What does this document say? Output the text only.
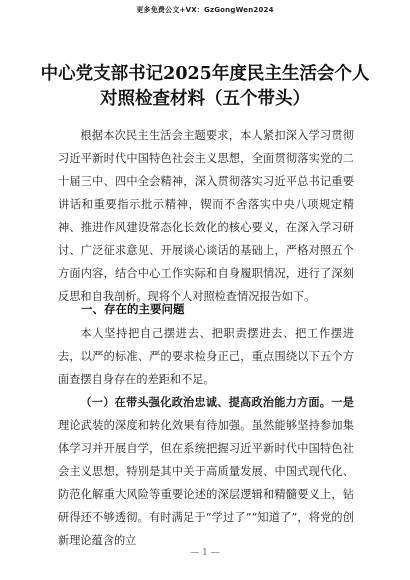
更多免费公文+VX：GzGongWen2024
中心党支部书记2025年度民主生活会个人对照检查材料（五个带头）
根据本次民主生活会主题要求，本人紧扣深入学习贯彻习近平新时代中国特色社会主义思想，全面贯彻落实党的二十届三中、四中全会精神，深入贯彻落实习近平总书记重要讲话和重要指示批示精神，锲而不舍落实中央八项规定精神、推进作风建设常态化长效化的核心要义，在深入学习研讨、广泛征求意见、开展谈心谈话的基础上，严格对照五个方面内容，结合中心工作实际和自身履职情况，进行了深刻反思和自我剖析。现将个人对照检查情况报告如下。
一、存在的主要问题
本人坚持把自己摆进去、把职责摆进去、把工作摆进去，以严的标准、严的要求检身正己，重点围绕以下五个方面查摆自身存在的差距和不足。
（一）在带头强化政治忠诚、提高政治能力方面。一是理论武装的深度和转化效果有待加强。虽然能够坚持参加集体学习并开展自学，但在系统把握习近平新时代中国特色社会主义思想，特别是其中关于高质量发展、中国式现代化、防范化解重大风险等重要论述的深层逻辑和精髓要义上，钻研得还不够透彻。有时满足于“学过了”“知道了”，将党的创新理论蕴含的立
— 1 —
